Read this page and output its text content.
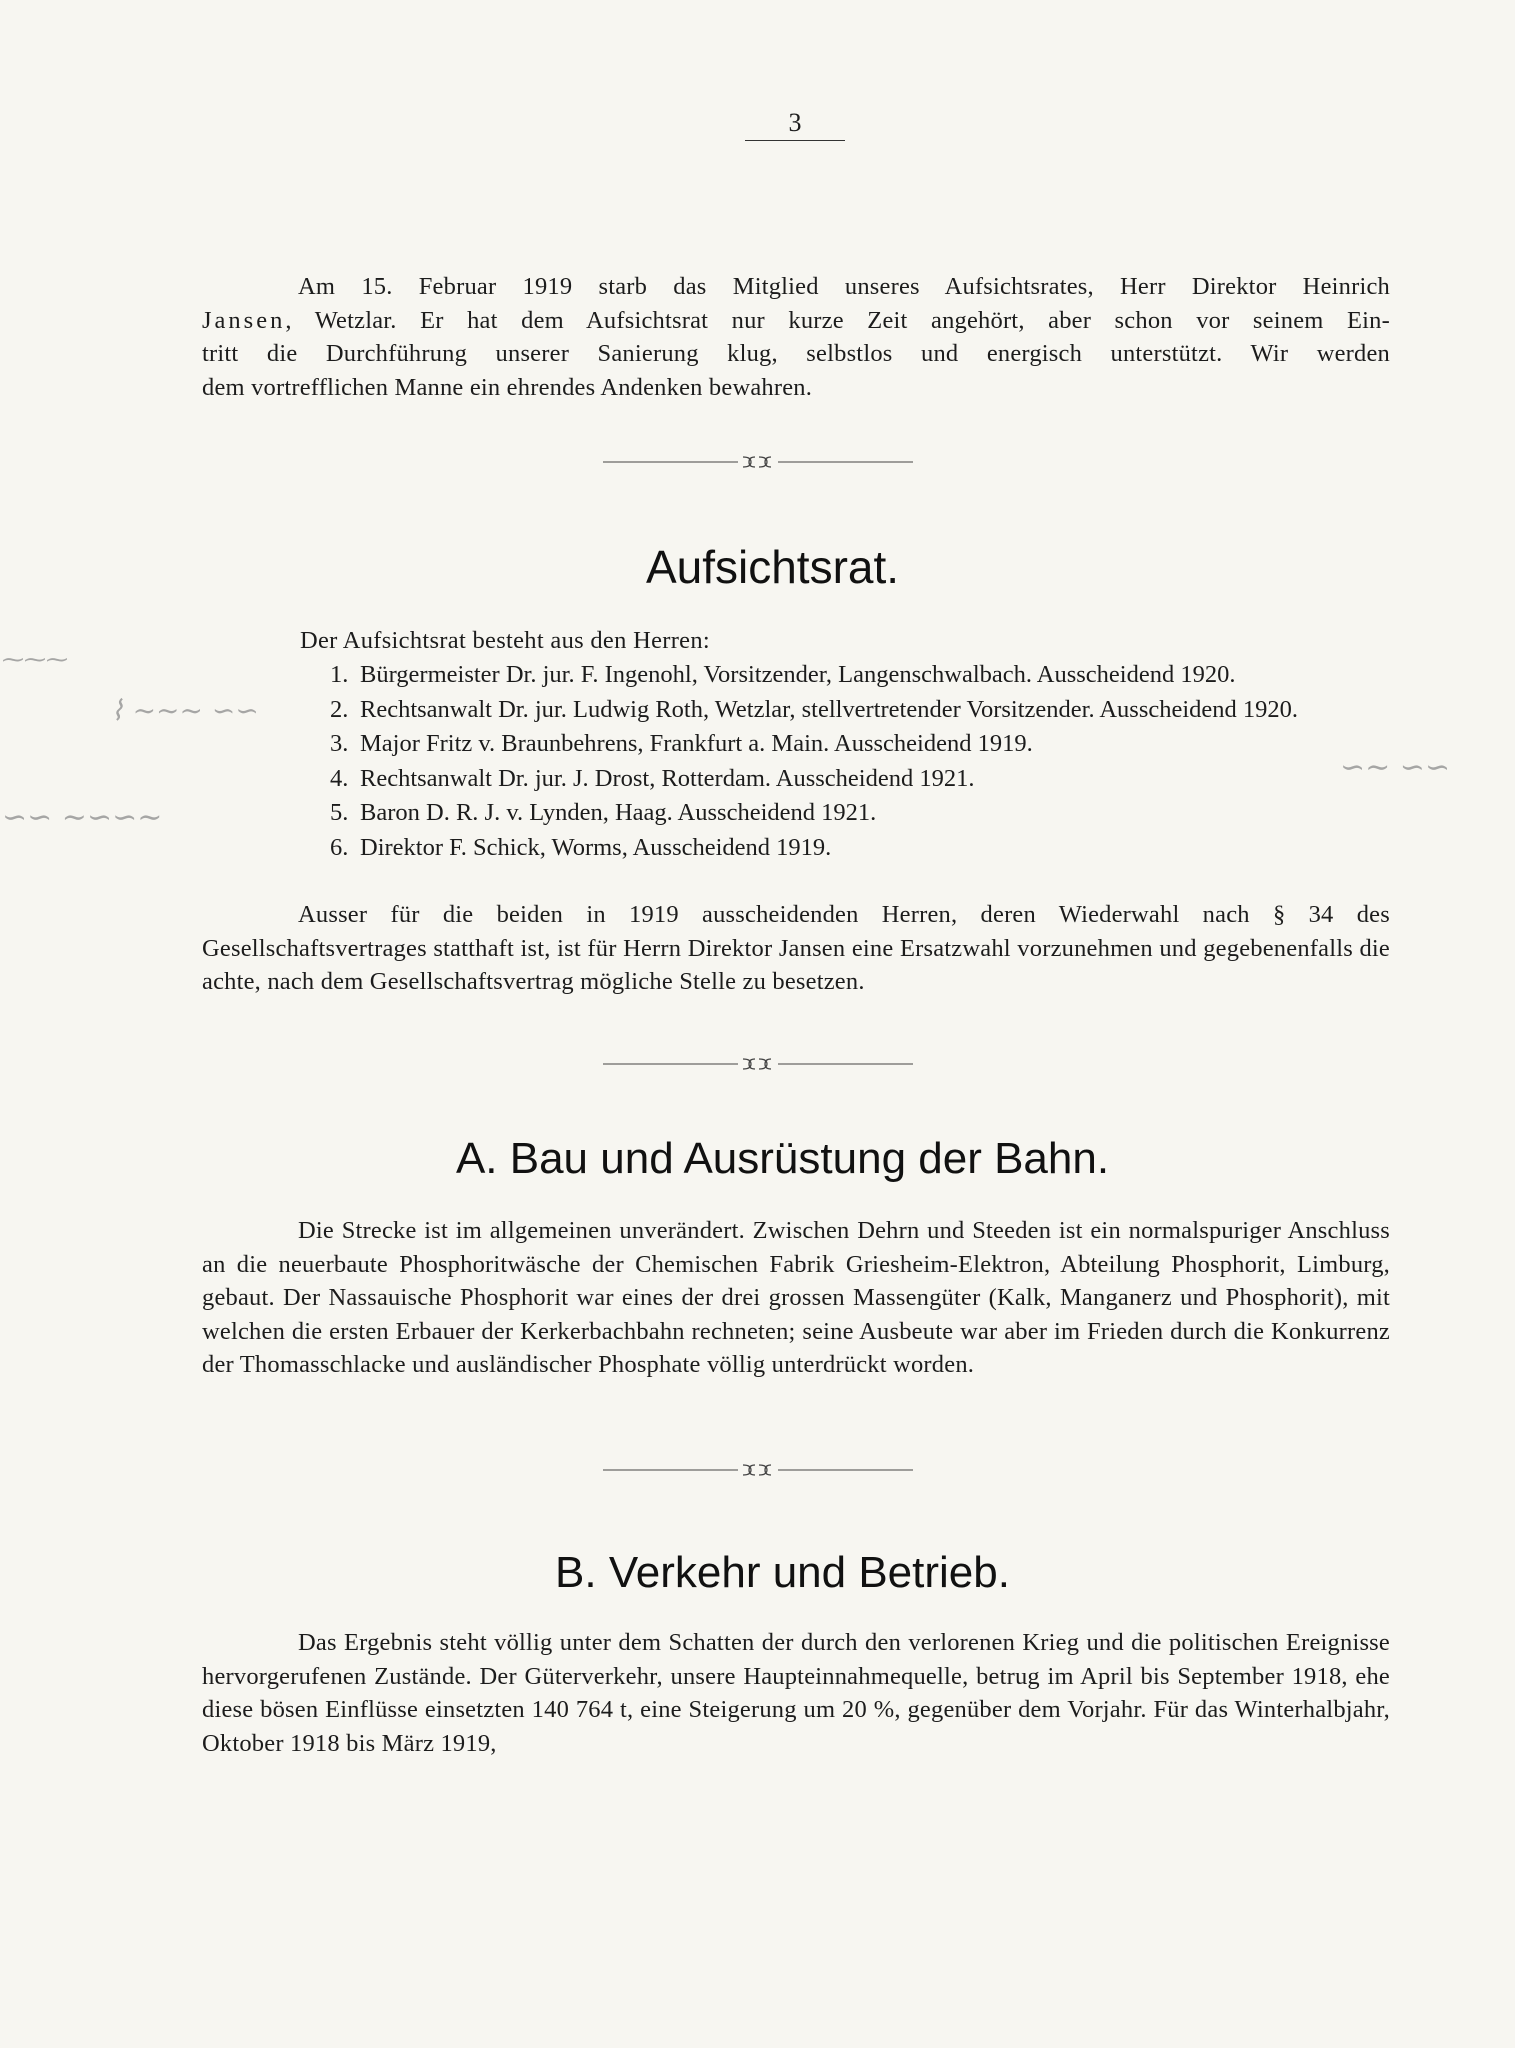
3
Am 15. Februar 1919 starb das Mitglied unseres Aufsichtsrates, Herr Direktor Heinrich
Jansen, Wetzlar. Er hat dem Aufsichtsrat nur kurze Zeit angehört, aber schon vor seinem Ein-
tritt die Durchführung unserer Sanierung klug, selbstlos und energisch unterstützt. Wir werden
dem vortrefflichen Manne ein ehrendes Andenken bewahren.
Aufsichtsrat.
Der Aufsichtsrat besteht aus den Herren:
1. Bürgermeister Dr. jur. F. Ingenohl, Vorsitzender, Langenschwalbach. Ausscheidend 1920.
2. Rechtsanwalt Dr. jur. Ludwig Roth, Wetzlar, stellvertretender Vorsitzender. Ausscheidend 1920.
3. Major Fritz v. Braunbehrens, Frankfurt a. Main. Ausscheidend 1919.
4. Rechtsanwalt Dr. jur. J. Drost, Rotterdam. Ausscheidend 1921.
5. Baron D. R. J. v. Lynden, Haag. Ausscheidend 1921.
6. Direktor F. Schick, Worms, Ausscheidend 1919.
Ausser für die beiden in 1919 ausscheidenden Herren, deren Wiederwahl nach § 34 des Gesellschaftsvertrages statthaft ist, ist für Herrn Direktor Jansen eine Ersatzwahl vorzunehmen und gegebenenfalls die achte, nach dem Gesellschaftsvertrag mögliche Stelle zu besetzen.
A. Bau und Ausrüstung der Bahn.
Die Strecke ist im allgemeinen unverändert. Zwischen Dehrn und Steeden ist ein normalspuriger Anschluss an die neuerbaute Phosphoritwäsche der Chemischen Fabrik Griesheim-Elektron, Abteilung Phosphorit, Limburg, gebaut. Der Nassauische Phosphorit war eines der drei grossen Massengüter (Kalk, Manganerz und Phosphorit), mit welchen die ersten Erbauer der Kerkerbachbahn rechneten; seine Ausbeute war aber im Frieden durch die Konkurrenz der Thomasschlacke und ausländischer Phosphate völlig unterdrückt worden.
B. Verkehr und Betrieb.
Das Ergebnis steht völlig unter dem Schatten der durch den verlorenen Krieg und die politischen Ereignisse hervorgerufenen Zustände. Der Güterverkehr, unsere Haupteinnahmequelle, betrug im April bis September 1918, ehe diese bösen Einflüsse einsetzten 140 764 t, eine Steigerung um 20 %, gegenüber dem Vorjahr. Für das Winterhalbjahr, Oktober 1918 bis März 1919,
⁓⁓⁓
⌇ ∼∼∼ ∽∽
∽∽ ∼∽∽∼
∽∼ ∽∽
